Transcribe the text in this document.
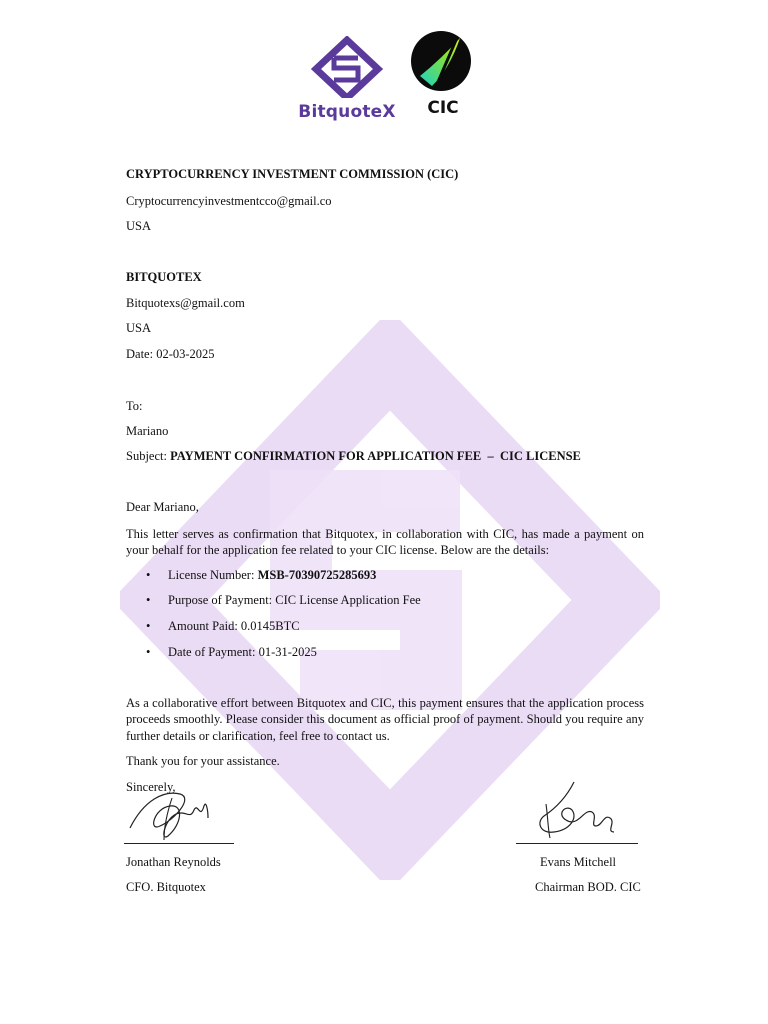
BitquoteX	CIC
CRYPTOCURRENCY INVESTMENT COMMISSION (CIC)
Cryptocurrencyinvestmentcco@gmail.co
USA
BITQUOTEX
Bitquotexs@gmail.com
USA
Date: 02-03-2025
To:
Mariano
Subject: PAYMENT CONFIRMATION FOR APPLICATION FEE  –  CIC LICENSE
Dear Mariano,
This letter serves as confirmation that Bitquotex, in collaboration with CIC, has made a payment on your behalf for the application fee related to your CIC license. Below are the details:
• License Number: MSB-70390725285693
• Purpose of Payment: CIC License Application Fee
• Amount Paid: 0.0145BTC
• Date of Payment: 01-31-2025
As a collaborative effort between Bitquotex and CIC, this payment ensures that the application process proceeds smoothly. Please consider this document as official proof of payment. Should you require any further details or clarification, feel free to contact us.
Thank you for your assistance.
Sincerely,
Jonathan Reynolds
CFO. Bitquotex
Evans Mitchell
Chairman BOD. CIC
